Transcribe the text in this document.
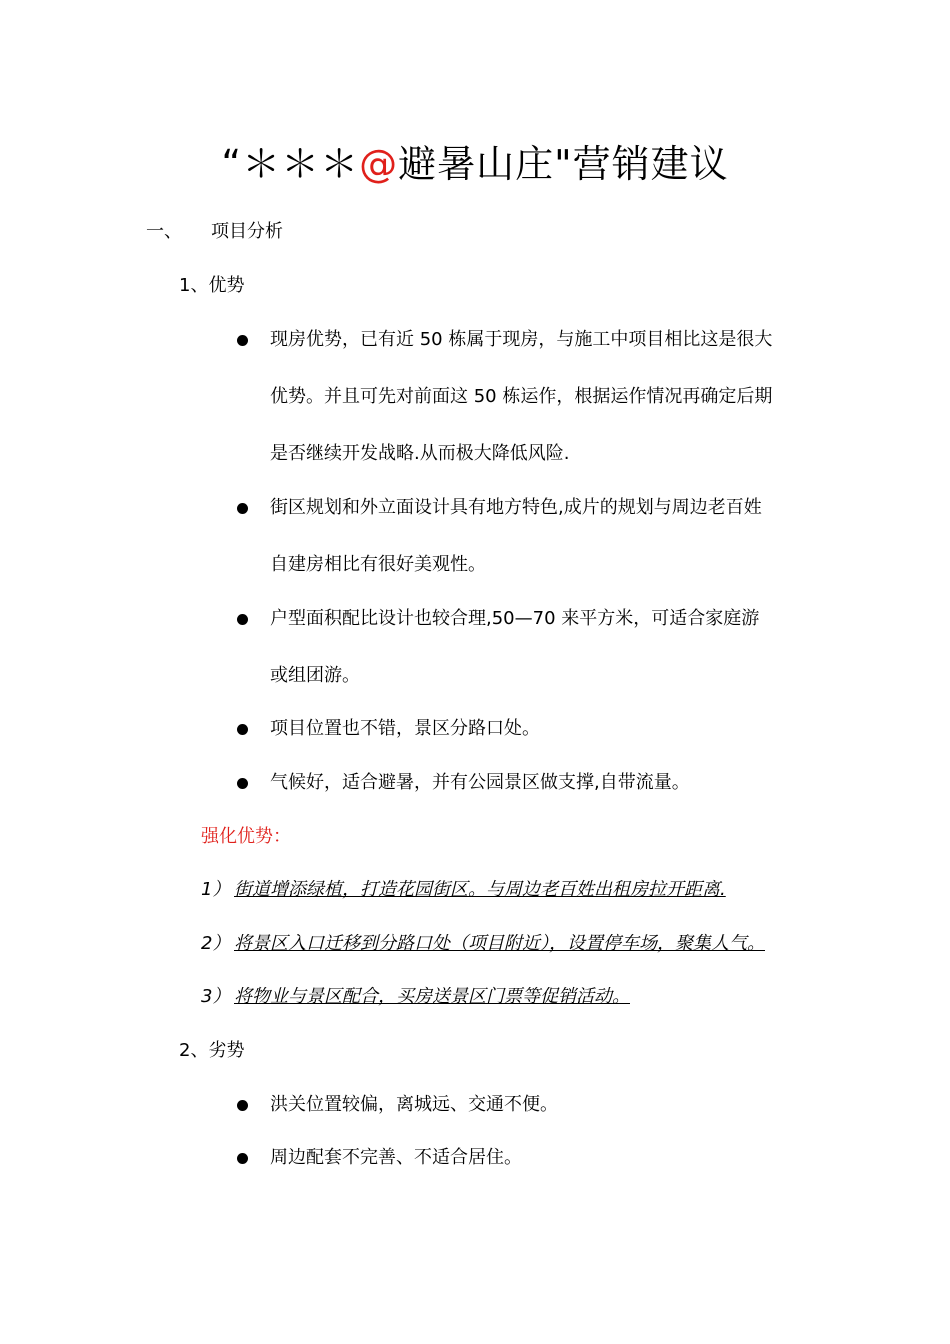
“＊＊＊@避暑山庄"营销建议
一、 项目分析
1、优势
现房优势，已有近 50 栋属于现房，与施工中项目相比这是很大
优势。并且可先对前面这 50 栋运作，根据运作情况再确定后期
是否继续开发战略.从而极大降低风险.
街区规划和外立面设计具有地方特色,成片的规划与周边老百姓
自建房相比有很好美观性。
户型面积配比设计也较合理,50—70 来平方米，可适合家庭游
或组团游。
项目位置也不错，景区分路口处。
气候好，适合避暑，并有公园景区做支撑,自带流量。
强化优势：
1） 街道增添绿植，打造花园街区。与周边老百姓出租房拉开距离.
2） 将景区入口迁移到分路口处（项目附近），设置停车场，聚集人气。
3） 将物业与景区配合，买房送景区门票等促销活动。
2、劣势
洪关位置较偏，离城远、交通不便。
周边配套不完善、不适合居住。
